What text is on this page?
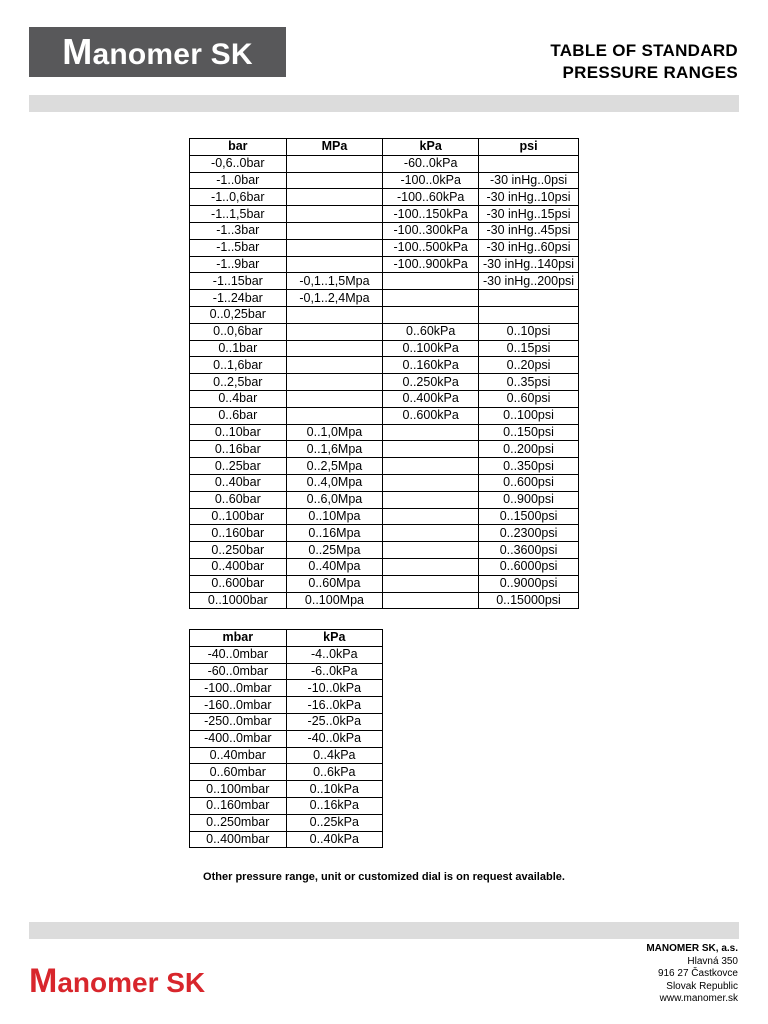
Manomer SK	TABLE OF STANDARD
PRESSURE RANGES
bar	MPa	kPa	psi
-0,6..0bar		-60..0kPa	
-1..0bar		-100..0kPa	-30 inHg..0psi
-1..0,6bar		-100..60kPa	-30 inHg..10psi
-1..1,5bar		-100..150kPa	-30 inHg..15psi
-1..3bar		-100..300kPa	-30 inHg..45psi
-1..5bar		-100..500kPa	-30 inHg..60psi
-1..9bar		-100..900kPa	-30 inHg..140psi
-1..15bar	-0,1..1,5Mpa		-30 inHg..200psi
-1..24bar	-0,1..2,4Mpa		
0..0,25bar			
0..0,6bar		0..60kPa	0..10psi
0..1bar		0..100kPa	0..15psi
0..1,6bar		0..160kPa	0..20psi
0..2,5bar		0..250kPa	0..35psi
0..4bar		0..400kPa	0..60psi
0..6bar		0..600kPa	0..100psi
0..10bar	0..1,0Mpa		0..150psi
0..16bar	0..1,6Mpa		0..200psi
0..25bar	0..2,5Mpa		0..350psi
0..40bar	0..4,0Mpa		0..600psi
0..60bar	0..6,0Mpa		0..900psi
0..100bar	0..10Mpa		0..1500psi
0..160bar	0..16Mpa		0..2300psi
0..250bar	0..25Mpa		0..3600psi
0..400bar	0..40Mpa		0..6000psi
0..600bar	0..60Mpa		0..9000psi
0..1000bar	0..100Mpa		0..15000psi
mbar	kPa
-40..0mbar	-4..0kPa
-60..0mbar	-6..0kPa
-100..0mbar	-10..0kPa
-160..0mbar	-16..0kPa
-250..0mbar	-25..0kPa
-400..0mbar	-40..0kPa
0..40mbar	0..4kPa
0..60mbar	0..6kPa
0..100mbar	0..10kPa
0..160mbar	0..16kPa
0..250mbar	0..25kPa
0..400mbar	0..40kPa
Other pressure range, unit or customized dial is on request available.
Manomer SK
MANOMER SK, a.s.
Hlavná 350
916 27 Častkovce
Slovak Republic
www.manomer.sk
